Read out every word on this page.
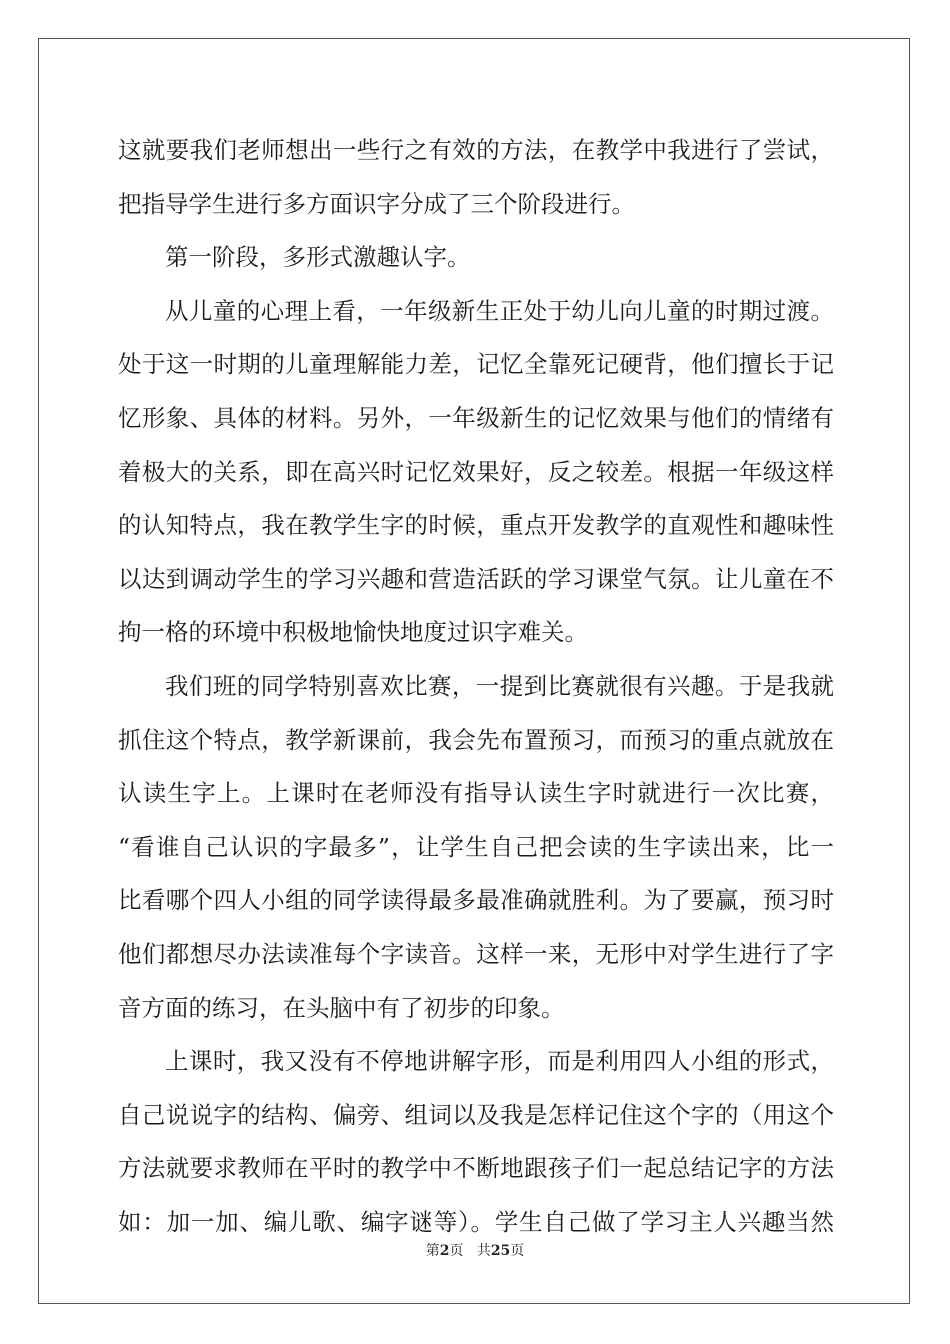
这就要我们老师想出一些行之有效的方法，在教学中我进行了尝试，
把指导学生进行多方面识字分成了三个阶段进行。
第一阶段，多形式激趣认字。
从儿童的心理上看，一年级新生正处于幼儿向儿童的时期过渡。
处于这一时期的儿童理解能力差，记忆全靠死记硬背，他们擅长于记
忆形象、具体的材料。另外，一年级新生的记忆效果与他们的情绪有
着极大的关系，即在高兴时记忆效果好，反之较差。根据一年级这样
的认知特点，我在教学生字的时候，重点开发教学的直观性和趣味性
以达到调动学生的学习兴趣和营造活跃的学习课堂气氛。让儿童在不
拘一格的环境中积极地愉快地度过识字难关。
我们班的同学特别喜欢比赛，一提到比赛就很有兴趣。于是我就
抓住这个特点，教学新课前，我会先布置预习，而预习的重点就放在
认读生字上。上课时在老师没有指导认读生字时就进行一次比赛，
“看谁自己认识的字最多”，让学生自己把会读的生字读出来，比一
比看哪个四人小组的同学读得最多最准确就胜利。为了要赢，预习时
他们都想尽办法读准每个字读音。这样一来，无形中对学生进行了字
音方面的练习，在头脑中有了初步的印象。
上课时，我又没有不停地讲解字形，而是利用四人小组的形式，
自己说说字的结构、偏旁、组词以及我是怎样记住这个字的（用这个
方法就要求教师在平时的教学中不断地跟孩子们一起总结记字的方法
如：加一加、编儿歌、编字谜等）。学生自己做了学习主人兴趣当然
第2页 共25页
